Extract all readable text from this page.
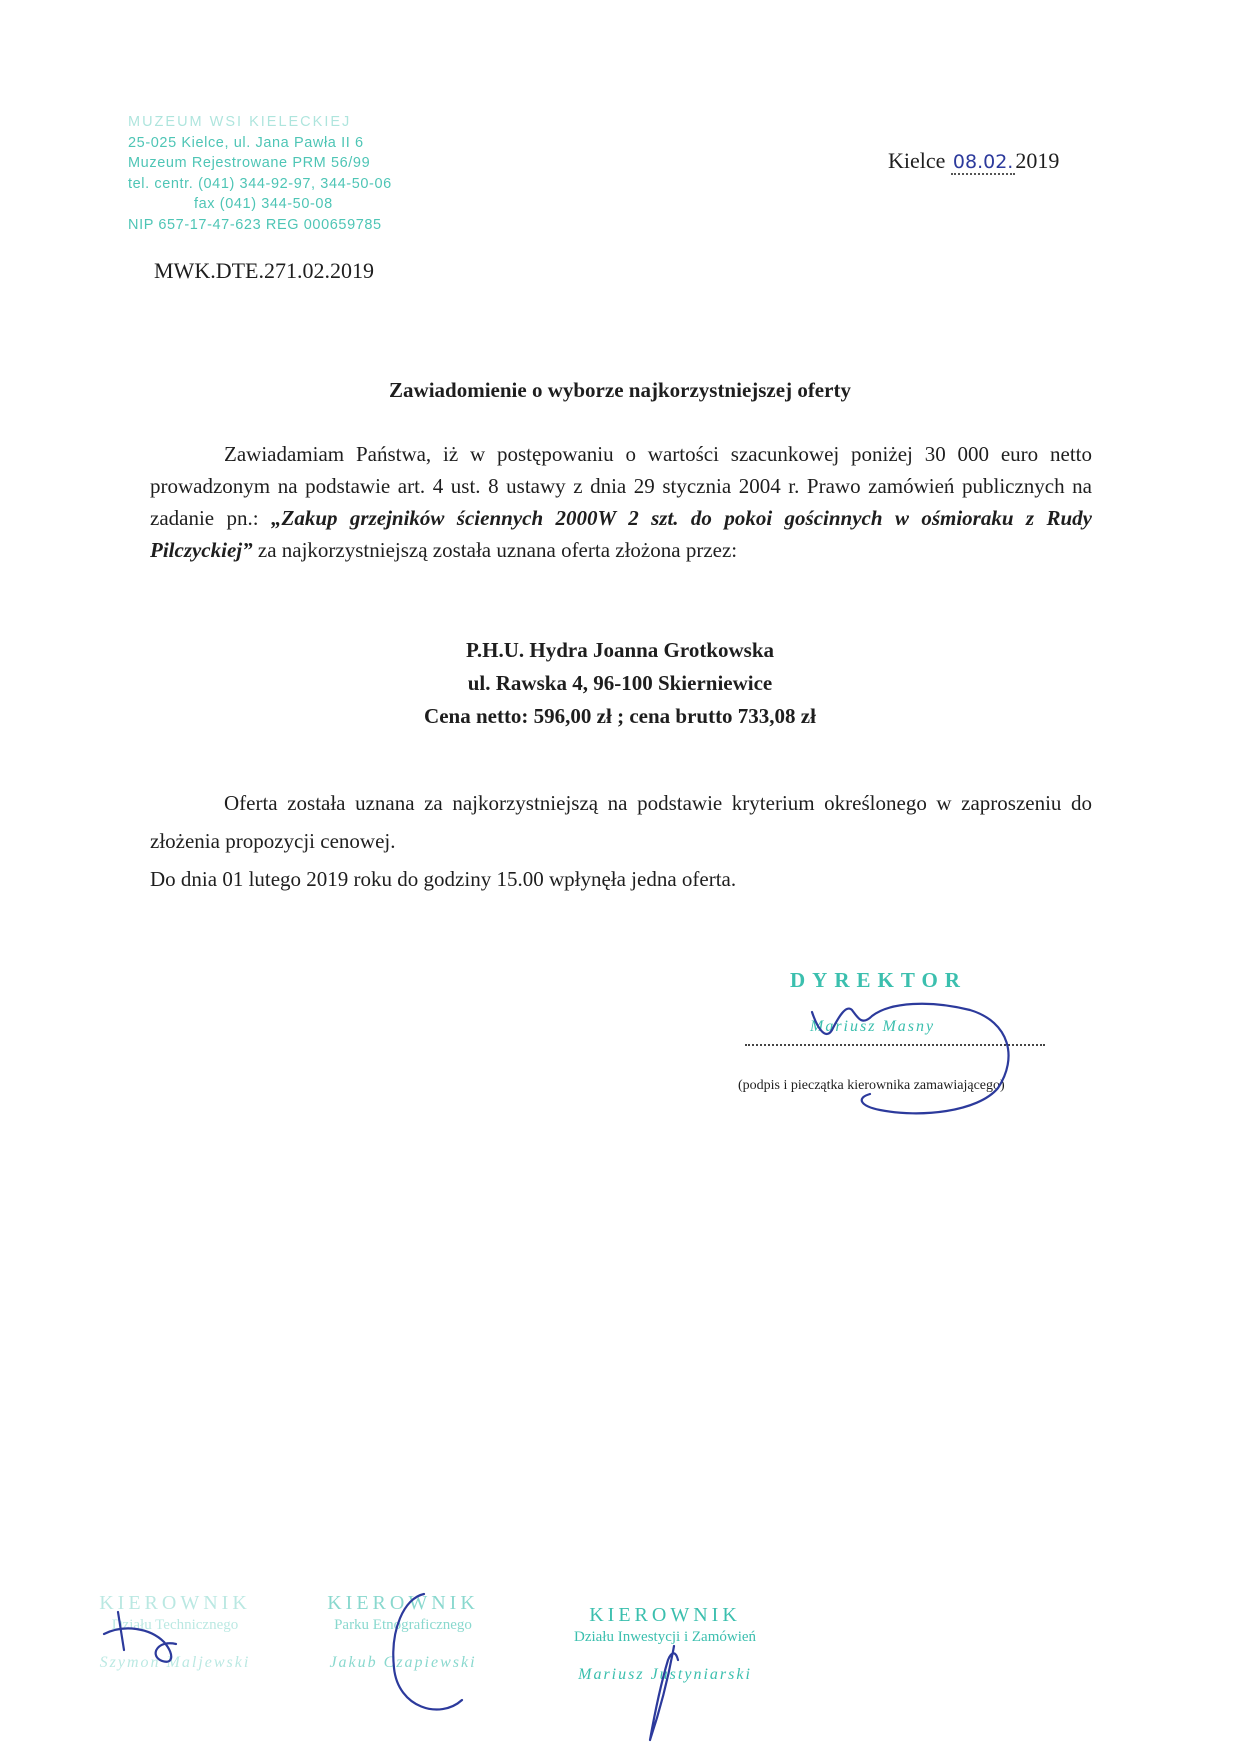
MUZEUM WSI KIELECKIEJ
25-025 Kielce, ul. Jana Pawła II 6
Muzeum Rejestrowane PRM 56/99
tel. centr. (041) 344-92-97, 344-50-06
fax (041) 344-50-08
NIP 657-17-47-623 REG 000659785
Kielce 08.02.2019
MWK.DTE.271.02.2019
Zawiadomienie o wyborze najkorzystniejszej oferty

Zawiadamiam Państwa, iż w postępowaniu o wartości szacunkowej poniżej 30 000 euro netto prowadzonym na podstawie art. 4 ust. 8 ustawy z dnia 29 stycznia 2004 r. Prawo zamówień publicznych na zadanie pn.: „Zakup grzejników ściennych 2000W 2 szt. do pokoi gościnnych w ośmioraku z Rudy Pilczyckiej” za najkorzystniejszą została uznana oferta złożona przez:

P.H.U. Hydra Joanna Grotkowska
ul. Rawska 4, 96-100 Skierniewice
Cena netto: 596,00 zł ; cena brutto 733,08 zł

Oferta została uznana za najkorzystniejszą na podstawie kryterium określonego w zaproszeniu do złożenia propozycji cenowej.

Do dnia 01 lutego 2019 roku do godziny 15.00 wpłynęła jedna oferta.

DYREKTOR
Mariusz Masny
(podpis i pieczątka kierownika zamawiającego)
KIEROWNIK
Działu Technicznego
Szymon Maljewski
KIEROWNIK
Parku Etnograficznego
Jakub Czapiewski
KIEROWNIK
Działu Inwestycji i Zamówień
Mariusz Justyniarski
